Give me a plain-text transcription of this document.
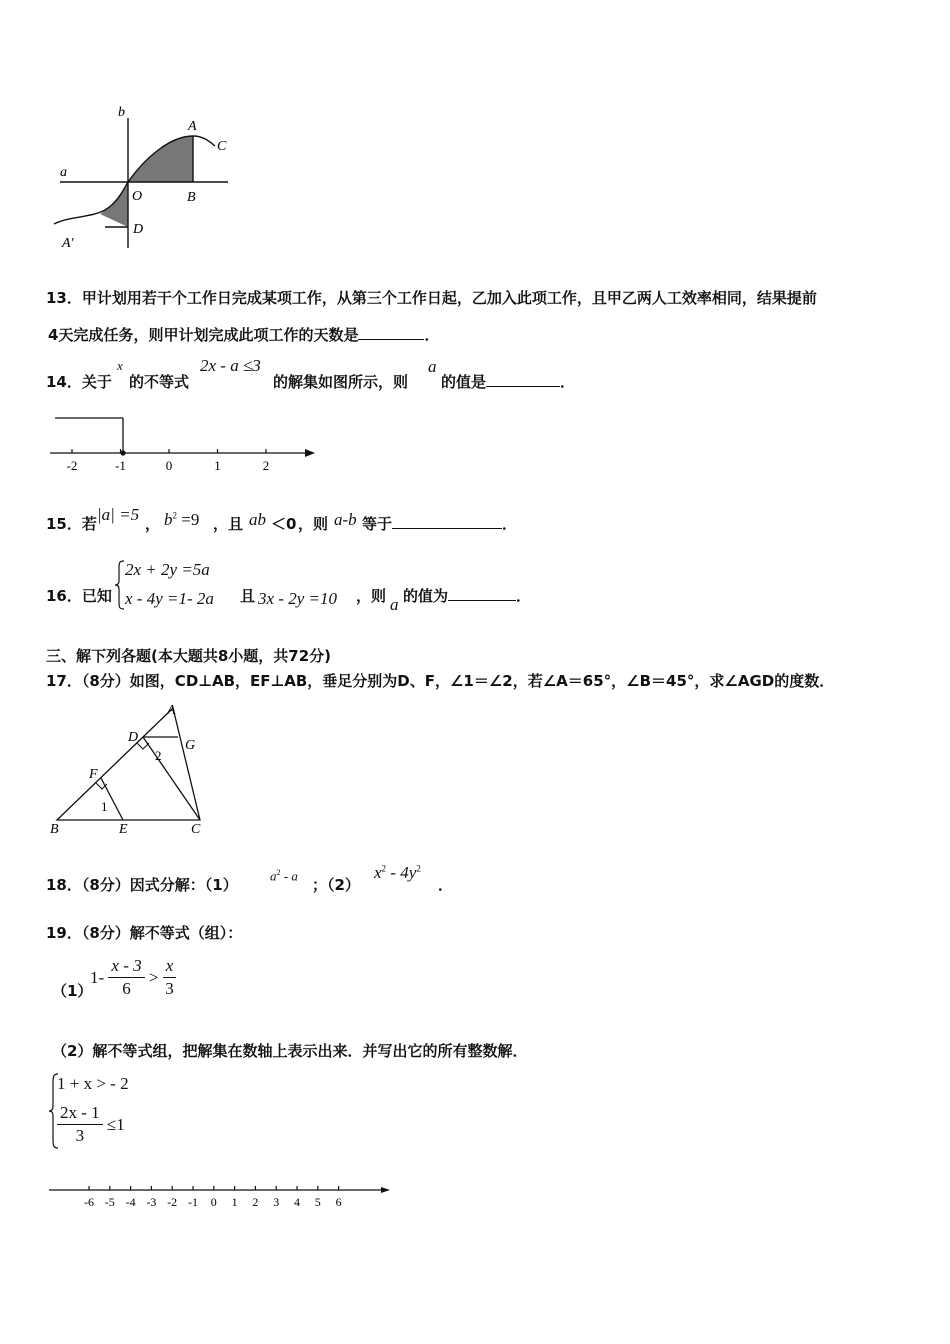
b
A
C
a
O	B
D
A′
13．甲计划用若干个工作日完成某项工作，从第三个工作日起，乙加入此项工作，且甲乙两人工效率相同，结果提前
4天完成任务，则甲计划完成此项工作的天数是	．
14．关于
x
的不等式
2x - a ≤3
的解集如图所示，则
a
的值是	．
-2	-1	0	1	2
15．若 |a| =5 ， $b^2 =9$ ，且 ab ＜0 ，则 a-b 等于	．
16．已知
2x + 2y =5a
x - 4y =1- 2a 且 3x - 2y =10 ，则 a 的值为	．
三、解下列各题(本大题共8小题，共72分)
17．（8分）如图，CD⊥AB，EF⊥AB，垂足分别为D、F，∠1＝∠2，若∠A＝65°，∠B＝45°，求∠AGD的度数．
A
D
G
2
F
1
B	E	C
18．（8分）因式分解：（1）
$a^2$ - a
；（2）
$x^2 - 4y^2$
．
19．（8分）解不等式（组）：
（1）
$1- \frac{x - 3}{6} > \frac{x}{3}$
（2）解不等式组，把解集在数轴上表示出来．并写出它的所有整数解．
1 + x > - 2
$\frac{2x - 1}{3} \le 1$
-6 -5 -4 -3 -2 -1 0 1 2 3 4 5 6
